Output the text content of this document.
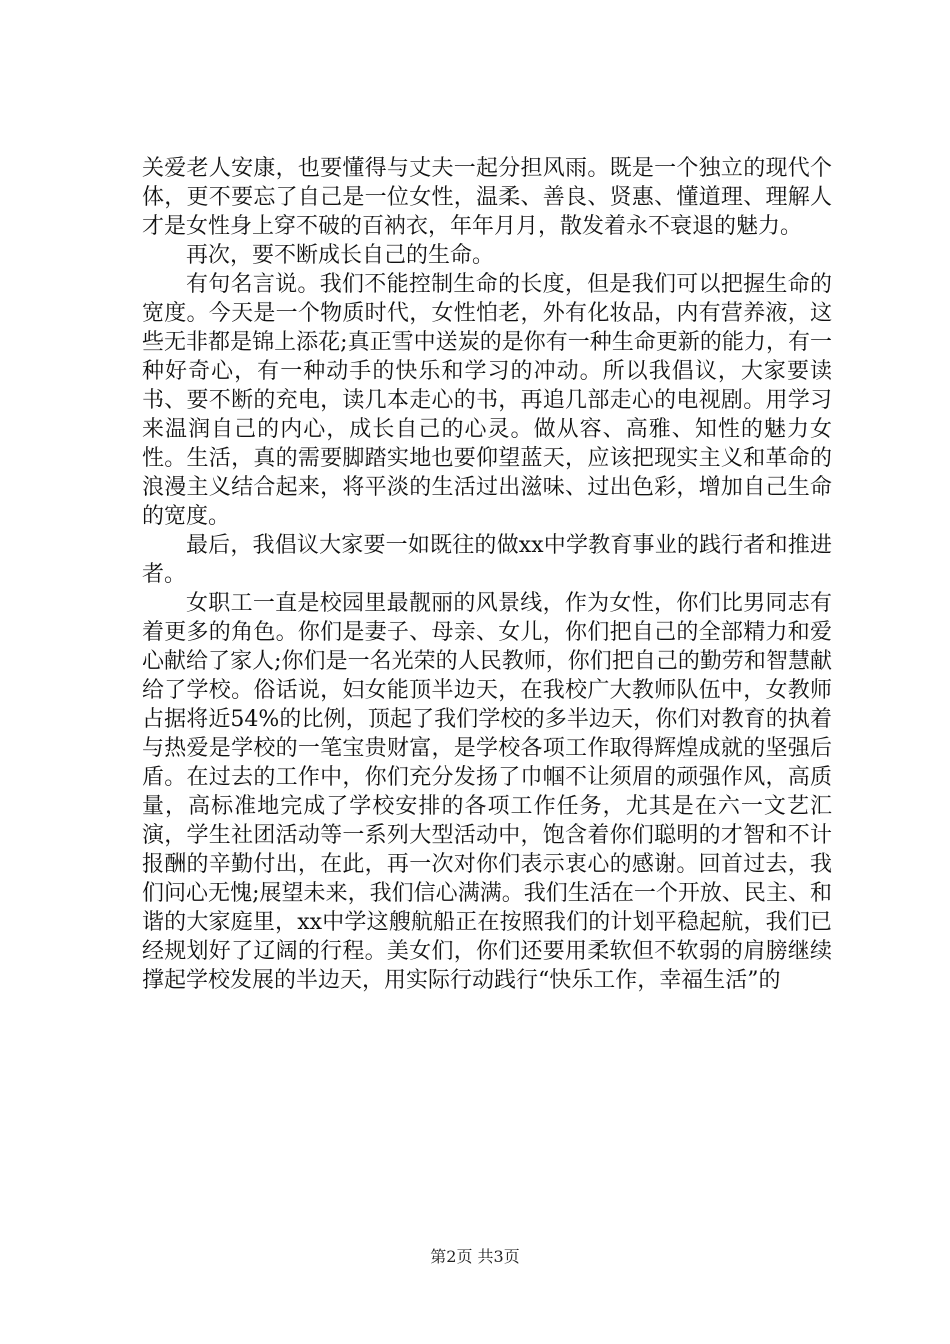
关爱老人安康，也要懂得与丈夫一起分担风雨。既是一个独立的现代个体，更不要忘了自己是一位女性，温柔、善良、贤惠、懂道理、理解人才是女性身上穿不破的百衲衣，年年月月，散发着永不衰退的魅力。

再次，要不断成长自己的生命。

有句名言说。我们不能控制生命的长度，但是我们可以把握生命的宽度。今天是一个物质时代，女性怕老，外有化妆品，内有营养液，这些无非都是锦上添花;真正雪中送炭的是你有一种生命更新的能力，有一种好奇心，有一种动手的快乐和学习的冲动。所以我倡议，大家要读书、要不断的充电，读几本走心的书，再追几部走心的电视剧。用学习来温润自己的内心，成长自己的心灵。做从容、高雅、知性的魅力女性。生活，真的需要脚踏实地也要仰望蓝天，应该把现实主义和革命的浪漫主义结合起来，将平淡的生活过出滋味、过出色彩，增加自己生命的宽度。

最后，我倡议大家要一如既往的做xx中学教育事业的践行者和推进者。

女职工一直是校园里最靓丽的风景线，作为女性，你们比男同志有着更多的角色。你们是妻子、母亲、女儿，你们把自己的全部精力和爱心献给了家人;你们是一名光荣的人民教师，你们把自己的勤劳和智慧献给了学校。俗话说，妇女能顶半边天，在我校广大教师队伍中，女教师占据将近54%的比例，顶起了我们学校的多半边天，你们对教育的执着与热爱是学校的一笔宝贵财富，是学校各项工作取得辉煌成就的坚强后盾。在过去的工作中，你们充分发扬了巾帼不让须眉的顽强作风，高质量，高标准地完成了学校安排的各项工作任务，尤其是在六一文艺汇演，学生社团活动等一系列大型活动中，饱含着你们聪明的才智和不计报酬的辛勤付出，在此，再一次对你们表示衷心的感谢。回首过去，我们问心无愧;展望未来，我们信心满满。我们生活在一个开放、民主、和谐的大家庭里，xx中学这艘航船正在按照我们的计划平稳起航，我们已经规划好了辽阔的行程。美女们，你们还要用柔软但不软弱的肩膀继续撑起学校发展的半边天，用实际行动践行“快乐工作，幸福生活”的

第2页 共3页
